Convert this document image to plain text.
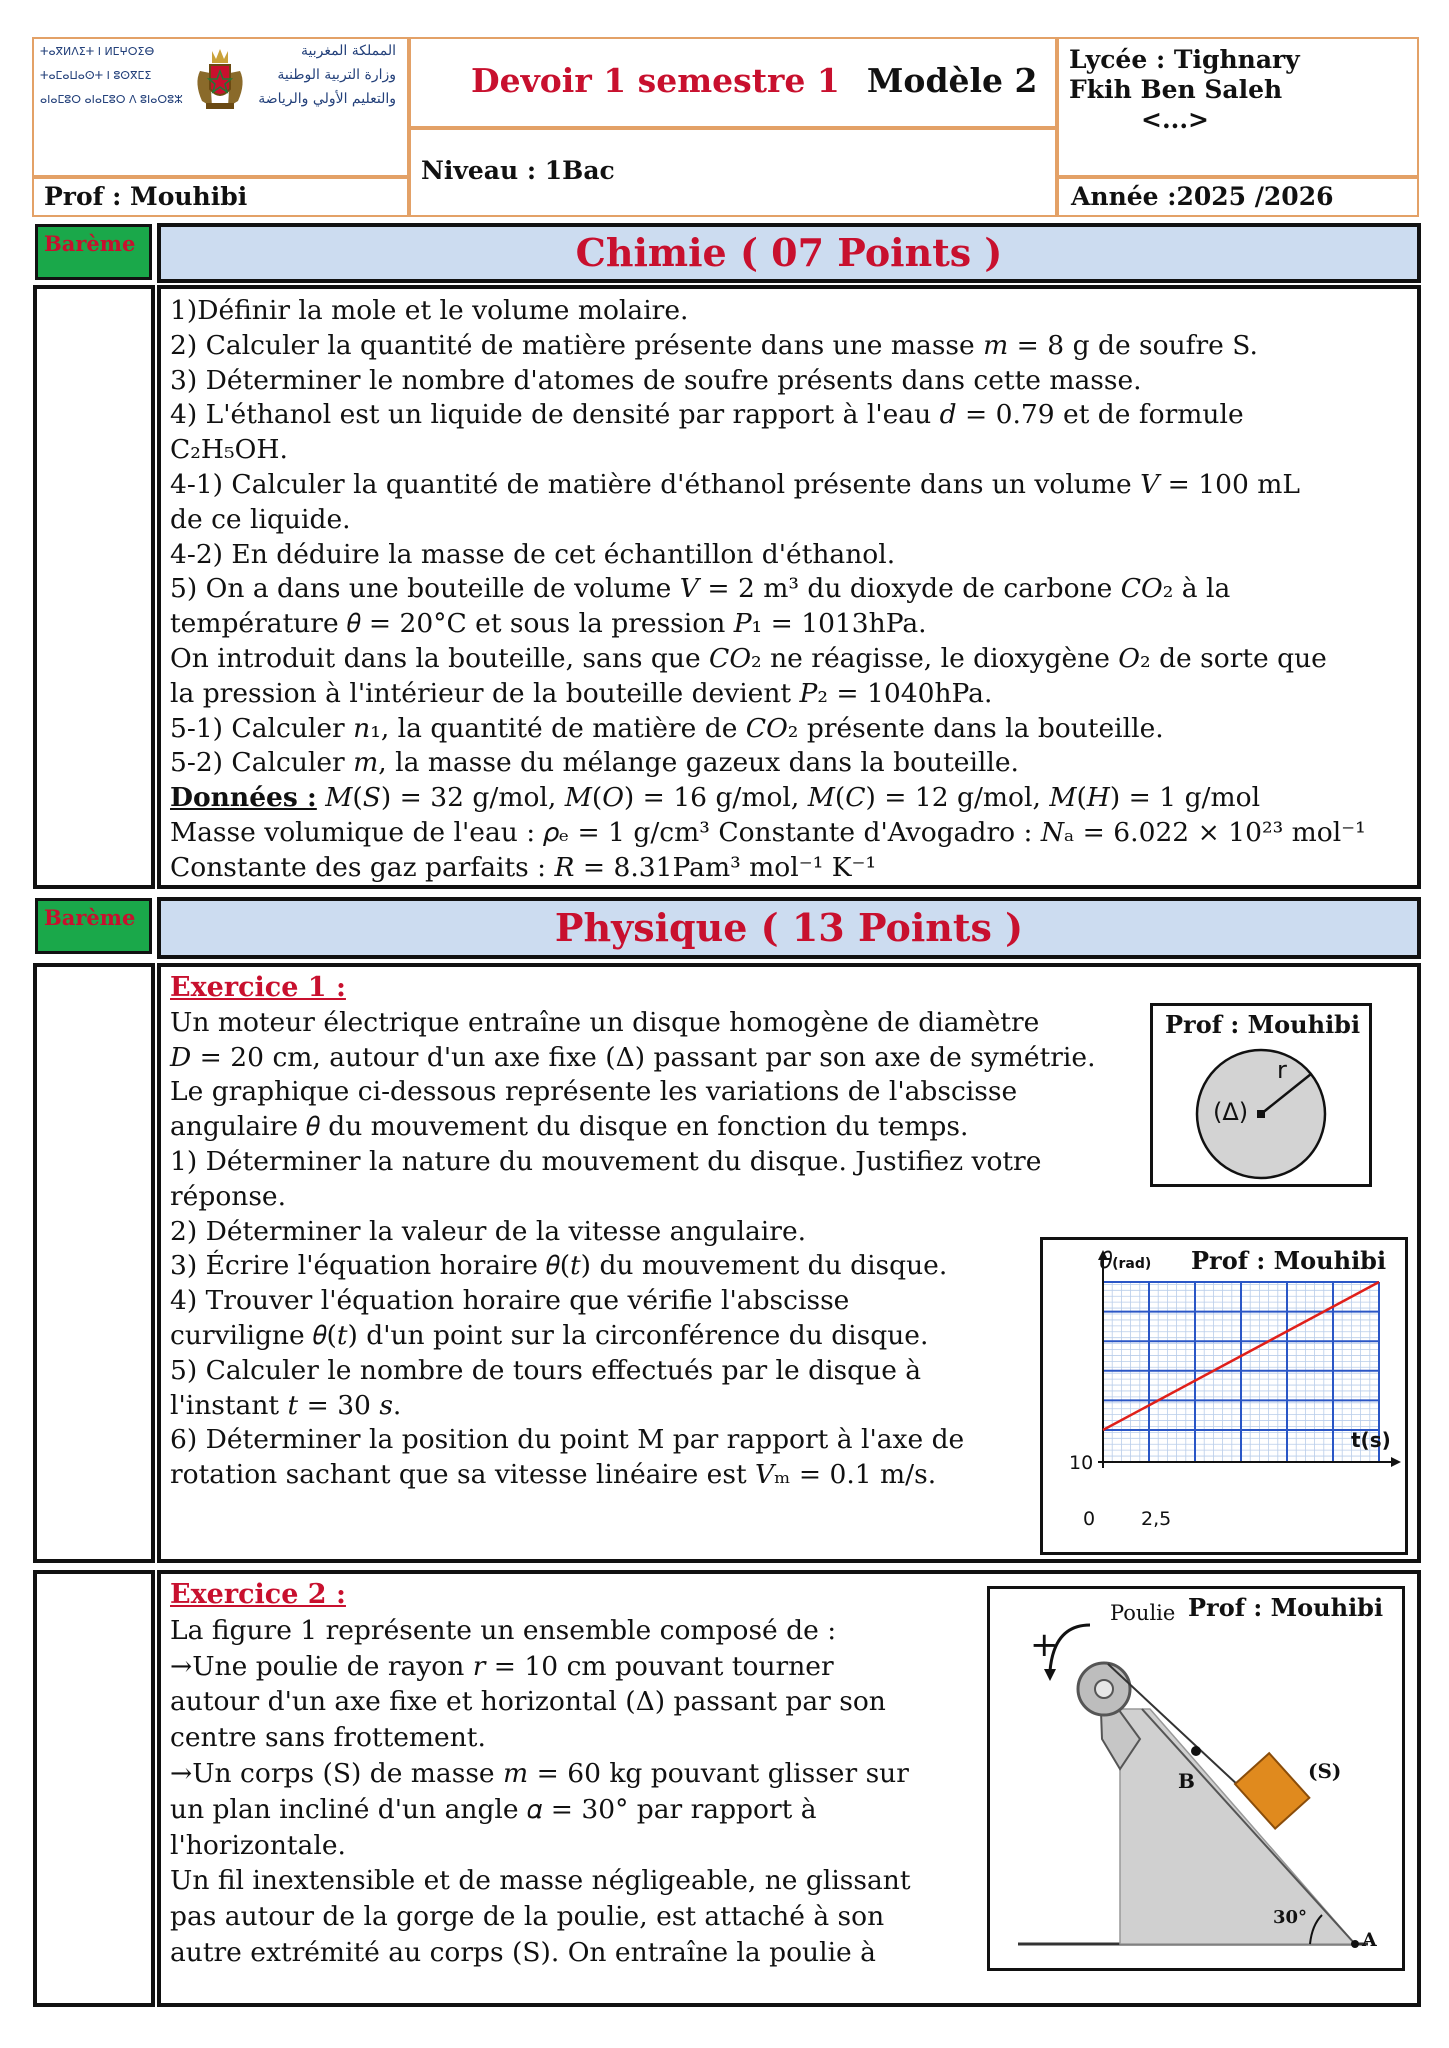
ⵜⴰⴳⵍⴷⵉⵜ ⵏ ⵍⵎⵖⵔⵉⴱ
ⵜⴰⵎⴰⵡⴰⵙⵜ ⵏ ⵓⵙⴳⵎⵉ
ⴰⵏⴰⵎⵓⵔ ⴰⵏⴰⵎⵓⵔ ⴷ ⵓⵏⴰⵔⵓⵣ
المملكة المغربية
وزارة التربية الوطنية
والتعليم الأولي والرياضة Devoir 1 semestre 1 Modèle 2
Lycée : Tighnary
Fkih Ben Saleh
<...>
Niveau : 1Bac
Prof : Mouhibi	Année :2025 /2026
Barème	Chimie ( 07 Points )
1)Définir la mole et le volume molaire.
2) Calculer la quantité de matière présente dans une masse 𝑚 = 8 g de soufre S.
3) Déterminer le nombre d'atomes de soufre présents dans cette masse.
4) L'éthanol est un liquide de densité par rapport à l'eau 𝑑 = 0.79 et de formule
C₂H₅OH.
4-1) Calculer la quantité de matière d'éthanol présente dans un volume 𝑉 = 100 mL
de ce liquide.
4-2) En déduire la masse de cet échantillon d'éthanol.
5) On a dans une bouteille de volume 𝑉 = 2 m³ du dioxyde de carbone 𝐶𝑂₂ à la
température 𝜃 = 20°C et sous la pression 𝑃₁ = 1013hPa.
On introduit dans la bouteille, sans que 𝐶𝑂₂ ne réagisse, le dioxygène 𝑂₂ de sorte que
la pression à l'intérieur de la bouteille devient 𝑃₂ = 1040hPa.
5-1) Calculer 𝑛₁, la quantité de matière de 𝐶𝑂₂ présente dans la bouteille.
5-2) Calculer 𝑚, la masse du mélange gazeux dans la bouteille.
Données : 𝑀(𝑆) = 32 g/mol, 𝑀(𝑂) = 16 g/mol, 𝑀(𝐶) = 12 g/mol, 𝑀(𝐻) = 1 g/mol
Masse volumique de l'eau : 𝜌ₑ = 1 g/cm³ Constante d'Avogadro : 𝑁ₐ = 6.022 × 10²³ mol⁻¹
Constante des gaz parfaits : 𝑅 = 8.31Pam³ mol⁻¹ K⁻¹
Barème	Physique ( 13 Points )
Exercice 1 :
Un moteur électrique entraîne un disque homogène de diamètre
𝐷 = 20 cm, autour d'un axe fixe (Δ) passant par son axe de symétrie.
Le graphique ci-dessous représente les variations de l'abscisse
angulaire 𝜃 du mouvement du disque en fonction du temps.
1) Déterminer la nature du mouvement du disque. Justifiez votre
réponse.
2) Déterminer la valeur de la vitesse angulaire.
3) Écrire l'équation horaire 𝜃(𝑡) du mouvement du disque.
4) Trouver l'équation horaire que vérifie l'abscisse
curviligne 𝜃(𝑡) d'un point sur la circonférence du disque.
5) Calculer le nombre de tours effectués par le disque à
l'instant 𝑡 = 30 𝑠.
6) Déterminer la position du point M par rapport à l'axe de
rotation sachant que sa vitesse linéaire est 𝑉ₘ = 0.1 m/s.
Prof : Mouhibi
(Δ)
r
𝜃(rad) Prof : Mouhibi
t(s)
0 2,5
10
Exercice 2 :
La figure 1 représente un ensemble composé de :
→Une poulie de rayon 𝑟 = 10 cm pouvant tourner
autour d'un axe fixe et horizontal (Δ) passant par son
centre sans frottement.
→Un corps (S) de masse 𝑚 = 60 kg pouvant glisser sur
un plan incliné d'un angle 𝛼 = 30° par rapport à
l'horizontale.
Un fil inextensible et de masse négligeable, ne glissant
pas autour de la gorge de la poulie, est attaché à son
autre extrémité au corps (S). On entraîne la poulie à
Poulie Prof : Mouhibi
+
(S)
B
30°
A
